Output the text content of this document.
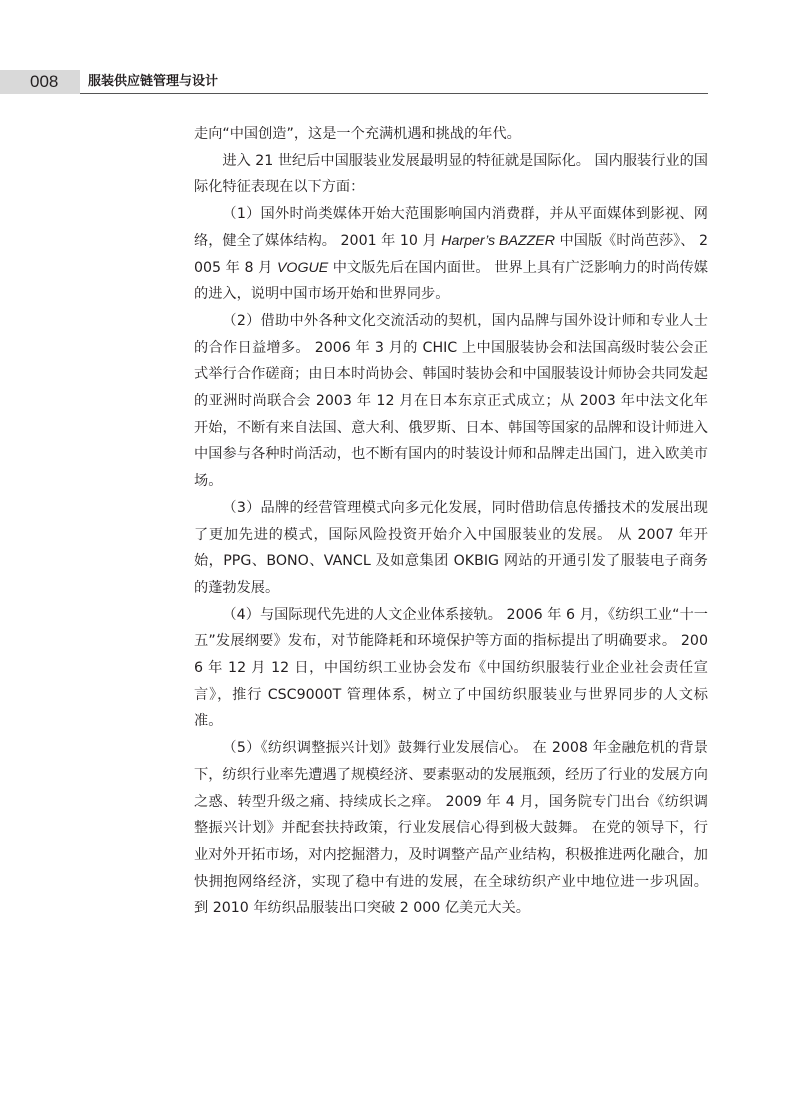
008 服装供应链管理与设计

走向“中国创造”，这是一个充满机遇和挑战的年代。

进入 21 世纪后中国服装业发展最明显的特征就是国际化。 国内服装行业的国际化特征表现在以下方面：

（1）国外时尚类媒体开始大范围影响国内消费群，并从平面媒体到影视、网络，健全了媒体结构。 2001 年 10 月 Harper’s BAZZER 中国版《时尚芭莎》、 2005 年 8 月 VOGUE 中文版先后在国内面世。 世界上具有广泛影响力的时尚传媒的进入，说明中国市场开始和世界同步。

（2）借助中外各种文化交流活动的契机，国内品牌与国外设计师和专业人士的合作日益增多。 2006 年 3 月的 CHIC 上中国服装协会和法国高级时装公会正式举行合作磋商；由日本时尚协会、韩国时装协会和中国服装设计师协会共同发起的亚洲时尚联合会 2003 年 12 月在日本东京正式成立；从 2003 年中法文化年开始，不断有来自法国、意大利、俄罗斯、日本、韩国等国家的品牌和设计师进入中国参与各种时尚活动，也不断有国内的时装设计师和品牌走出国门，进入欧美市场。

（3）品牌的经营管理模式向多元化发展，同时借助信息传播技术的发展出现了更加先进的模式，国际风险投资开始介入中国服装业的发展。 从 2007 年开始，PPG、BONO、VANCL 及如意集团 OKBIG 网站的开通引发了服装电子商务的蓬勃发展。

（4）与国际现代先进的人文企业体系接轨。 2006 年 6 月，《纺织工业“十一五”发展纲要》发布，对节能降耗和环境保护等方面的指标提出了明确要求。 2006 年 12 月 12 日，中国纺织工业协会发布《中国纺织服装行业企业社会责任宣言》，推行 CSC9000T 管理体系，树立了中国纺织服装业与世界同步的人文标准。

（5）《纺织调整振兴计划》鼓舞行业发展信心。 在 2008 年金融危机的背景下，纺织行业率先遭遇了规模经济、要素驱动的发展瓶颈，经历了行业的发展方向之惑、转型升级之痛、持续成长之痒。 2009 年 4 月，国务院专门出台《纺织调整振兴计划》并配套扶持政策，行业发展信心得到极大鼓舞。 在党的领导下，行业对外开拓市场，对内挖掘潜力，及时调整产品产业结构，积极推进两化融合，加快拥抱网络经济，实现了稳中有进的发展，在全球纺织产业中地位进一步巩固。 到 2010 年纺织品服装出口突破 2 000 亿美元大关。
